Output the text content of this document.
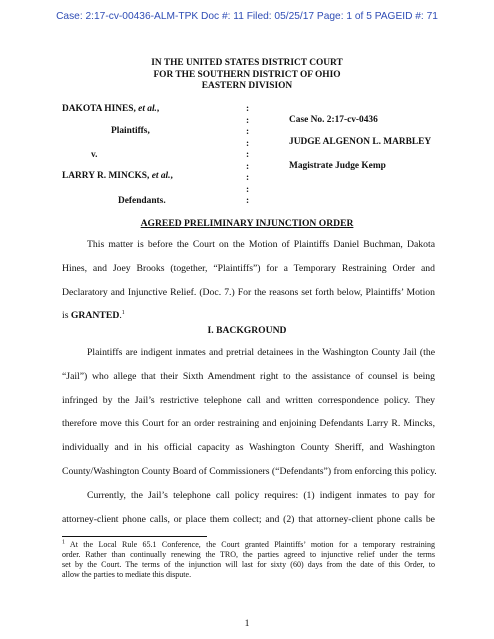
Case: 2:17-cv-00436-ALM-TPK Doc #: 11 Filed: 05/25/17 Page: 1 of 5 PAGEID #: 71
IN THE UNITED STATES DISTRICT COURT
FOR THE SOUTHERN DISTRICT OF OHIO
EASTERN DIVISION
DAKOTA HINES, et al.,
Plaintiffs,
v.
LARRY R. MINCKS, et al.,
Defendants.
:
:
:
:
:
:
:
:
:
Case No. 2:17-cv-0436
JUDGE ALGENON L. MARBLEY
Magistrate Judge Kemp
AGREED PRELIMINARY INJUNCTION ORDER
This matter is before the Court on the Motion of Plaintiffs Daniel Buchman, Dakota
Hines, and Joey Brooks (together, “Plaintiffs”) for a Temporary Restraining Order and
Declaratory and Injunctive Relief. (Doc. 7.) For the reasons set forth below, Plaintiffs’ Motion
is GRANTED.$^1$
I. BACKGROUND
Plaintiffs are indigent inmates and pretrial detainees in the Washington County Jail (the
“Jail”) who allege that their Sixth Amendment right to the assistance of counsel is being
infringed by the Jail’s restrictive telephone call and written correspondence policy. They
therefore move this Court for an order restraining and enjoining Defendants Larry R. Mincks,
individually and in his official capacity as Washington County Sheriff, and Washington
County/Washington County Board of Commissioners (“Defendants”) from enforcing this policy.
Currently, the Jail’s telephone call policy requires: (1) indigent inmates to pay for
attorney-client phone calls, or place them collect; and (2) that attorney-client phone calls be
$^1$ At the Local Rule 65.1 Conference, the Court granted Plaintiffs’ motion for a temporary restraining
order. Rather than continually renewing the TRO, the parties agreed to injunctive relief under the terms
set by the Court. The terms of the injunction will last for sixty (60) days from the date of this Order, to
allow the parties to mediate this dispute.
1
